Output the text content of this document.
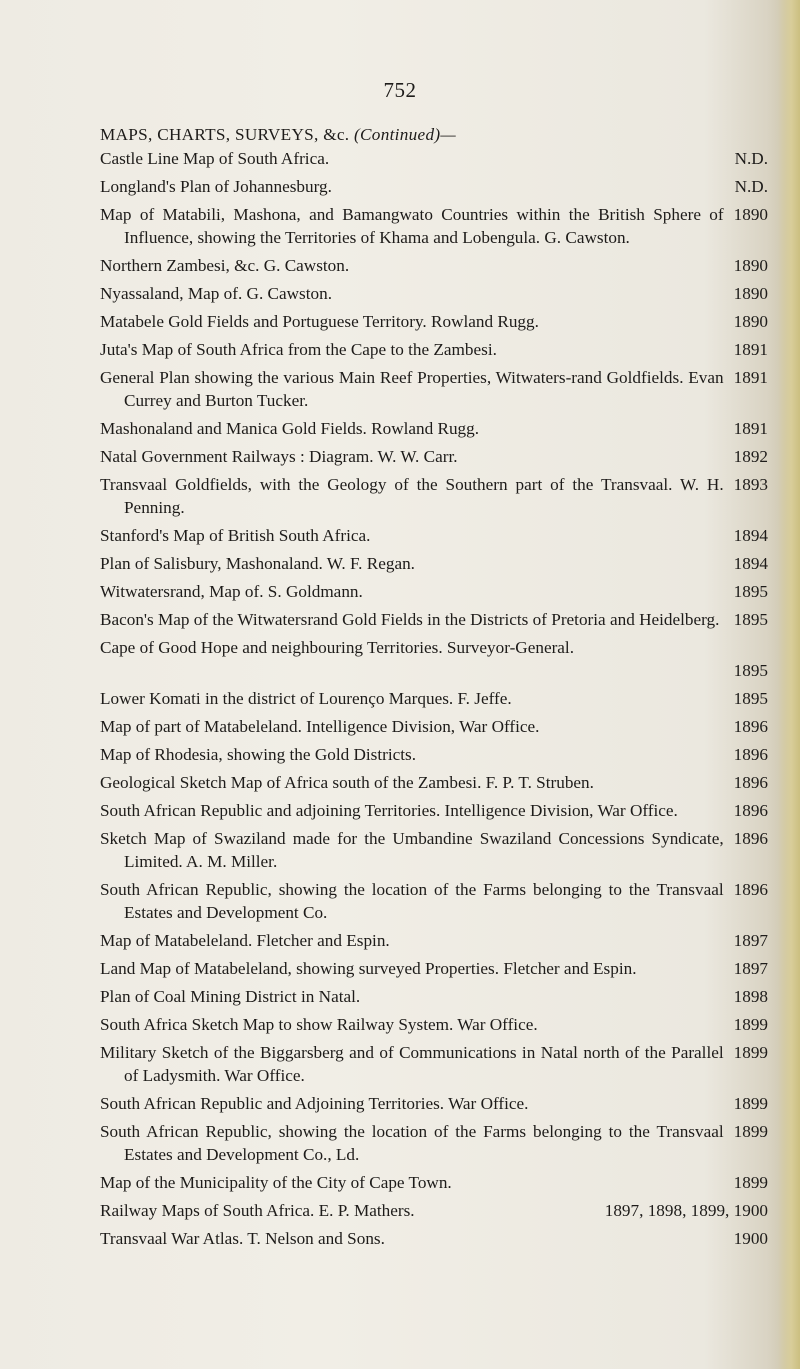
752
MAPS, CHARTS, SURVEYS, &c. (Continued)—
N.D.
Castle Line Map of South Africa.
N.D.
Longland's Plan of Johannesburg.
1890
Map of Matabili, Mashona, and Bamangwato Countries within the British Sphere of Influence, showing the Territories of Khama and Lobengula. G. Cawston.
1890
Northern Zambesi, &c. G. Cawston.
1890
Nyassaland, Map of. G. Cawston.
1890
Matabele Gold Fields and Portuguese Territory. Rowland Rugg.
1891
Juta's Map of South Africa from the Cape to the Zambesi.
1891
General Plan showing the various Main Reef Properties, Witwaters-rand Goldfields. Evan Currey and Burton Tucker.
1891
Mashonaland and Manica Gold Fields. Rowland Rugg.
1892
Natal Government Railways : Diagram. W. W. Carr.
1893
Transvaal Goldfields, with the Geology of the Southern part of the Transvaal. W. H. Penning.
1894
Stanford's Map of British South Africa.
1894
Plan of Salisbury, Mashonaland. W. F. Regan.
1895
Witwatersrand, Map of. S. Goldmann.
1895
Bacon's Map of the Witwatersrand Gold Fields in the Districts of Pretoria and Heidelberg.
Cape of Good Hope and neighbouring Territories. Surveyor-General.
1895
1895
Lower Komati in the district of Lourenço Marques. F. Jeffe.
1896
Map of part of Matabeleland. Intelligence Division, War Office.
1896
Map of Rhodesia, showing the Gold Districts.
1896
Geological Sketch Map of Africa south of the Zambesi. F. P. T. Struben.
1896
South African Republic and adjoining Territories. Intelligence Division, War Office.
1896
Sketch Map of Swaziland made for the Umbandine Swaziland Concessions Syndicate, Limited. A. M. Miller.
1896
South African Republic, showing the location of the Farms belonging to the Transvaal Estates and Development Co.
1897
Map of Matabeleland. Fletcher and Espin.
1897
Land Map of Matabeleland, showing surveyed Properties. Fletcher and Espin.
1898
Plan of Coal Mining District in Natal.
1899
South Africa Sketch Map to show Railway System. War Office.
1899
Military Sketch of the Biggarsberg and of Communications in Natal north of the Parallel of Ladysmith. War Office.
1899
South African Republic and Adjoining Territories. War Office.
1899
South African Republic, showing the location of the Farms belonging to the Transvaal Estates and Development Co., Ld.
1899
Map of the Municipality of the City of Cape Town.
1897, 1898, 1899, 1900
Railway Maps of South Africa. E. P. Mathers.
1900
Transvaal War Atlas. T. Nelson and Sons.
